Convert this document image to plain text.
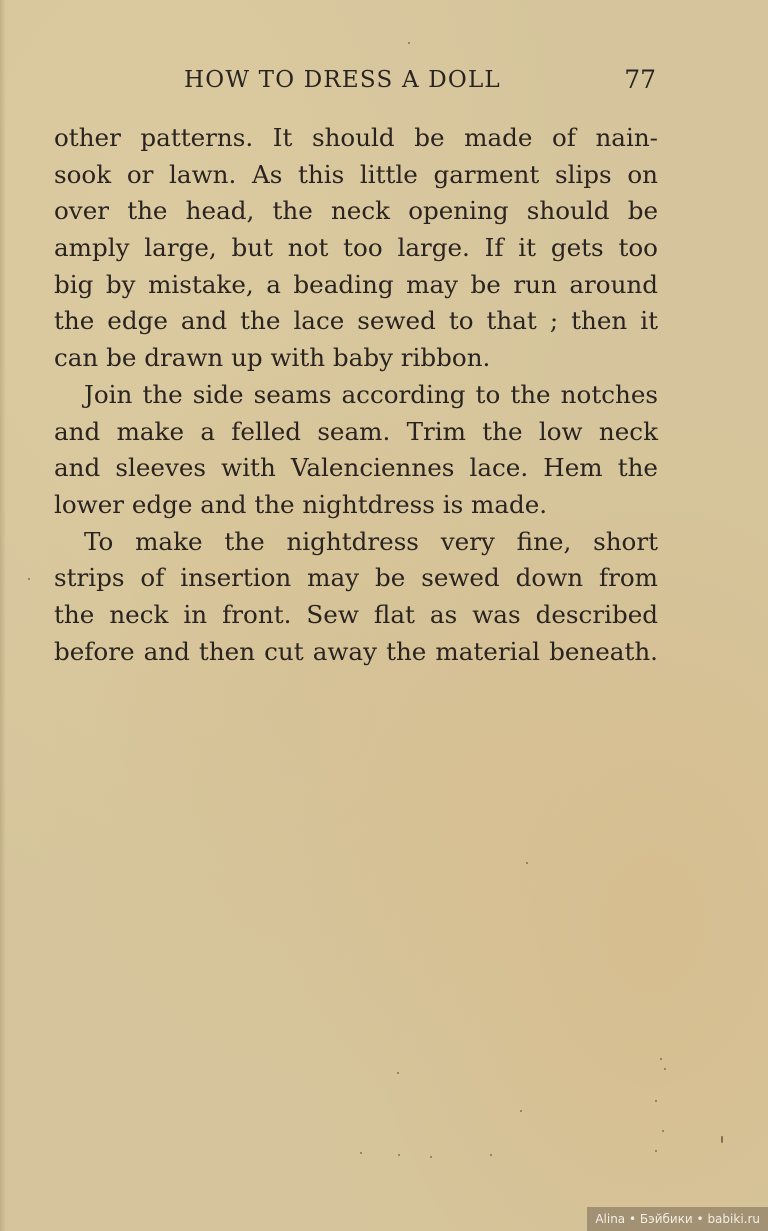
HOW TO DRESS A DOLL	77
other patterns. It should be made of nain-
sook or lawn. As this little garment slips on
over the head, the neck opening should be
amply large, but not too large. If it gets too
big by mistake, a beading may be run around
the edge and the lace sewed to that ; then it
can be drawn up with baby ribbon.
Join the side seams according to the notches
and make a felled seam. Trim the low neck
and sleeves with Valenciennes lace. Hem the
lower edge and the nightdress is made.
To make the nightdress very fine, short
strips of insertion may be sewed down from
the neck in front. Sew flat as was described
before and then cut away the material beneath.
Alina • Бэйбики • babiki.ru
